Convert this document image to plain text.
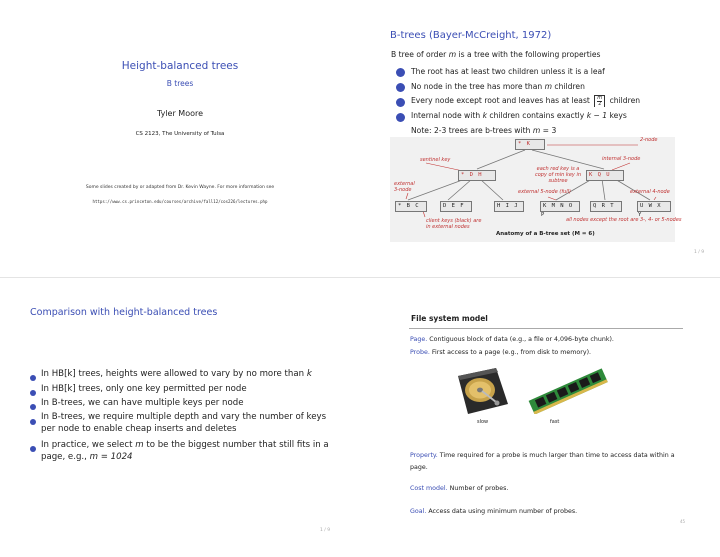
Height-balanced trees
B trees
Tyler Moore
CS 2123, The University of Tulsa
Some slides created by or adapted from Dr. Kevin Wayne. For more information see
https://www.cs.princeton.edu/courses/archive/fall12/cos226/lectures.php
B-trees (Bayer-McCreight, 1972)
B tree of order m is a tree with the following properties
The root has at least two children unless it is a leaf
No node in the tree has more than m children
Every node except root and leaves has at least $\frac{m}{2}$ children
Internal node with k children contains exactly k − 1 keys
Note: 2-3 trees are b-trees with m = 3
* K
* D H	K Q U
* B C	D E F	H I J	K M N O P
Q R T	U W X Y
2-node
sentinel key
each red key is a copy of min key in subtree
internal 3-node
external 3-node	external 5-node (full)	external 4-node
client keys (black) are in external nodes
all nodes except the root are 3-, 4- or 5-nodes
Anatomy of a B-tree set (M = 6)
1 / 9
Comparison with height-balanced trees
In HB[k] trees, heights were allowed to vary by no more than k
In HB[k] trees, only one key permitted per node
In B-trees, we can have multiple keys per node
In B-trees, we require multiple depth and vary the number of keys per node to enable cheap inserts and deletes
In practice, we select m to be the biggest number that still fits in a page, e.g., m = 1024
1 / 9
File system model
Page. Contiguous block of data (e.g., a file or 4,096-byte chunk).
Probe. First access to a page (e.g., from disk to memory).
slow	fast
Property. Time required for a probe is much larger than time to access data within a page.
Cost model. Number of probes.
Goal. Access data using minimum number of probes.
45
